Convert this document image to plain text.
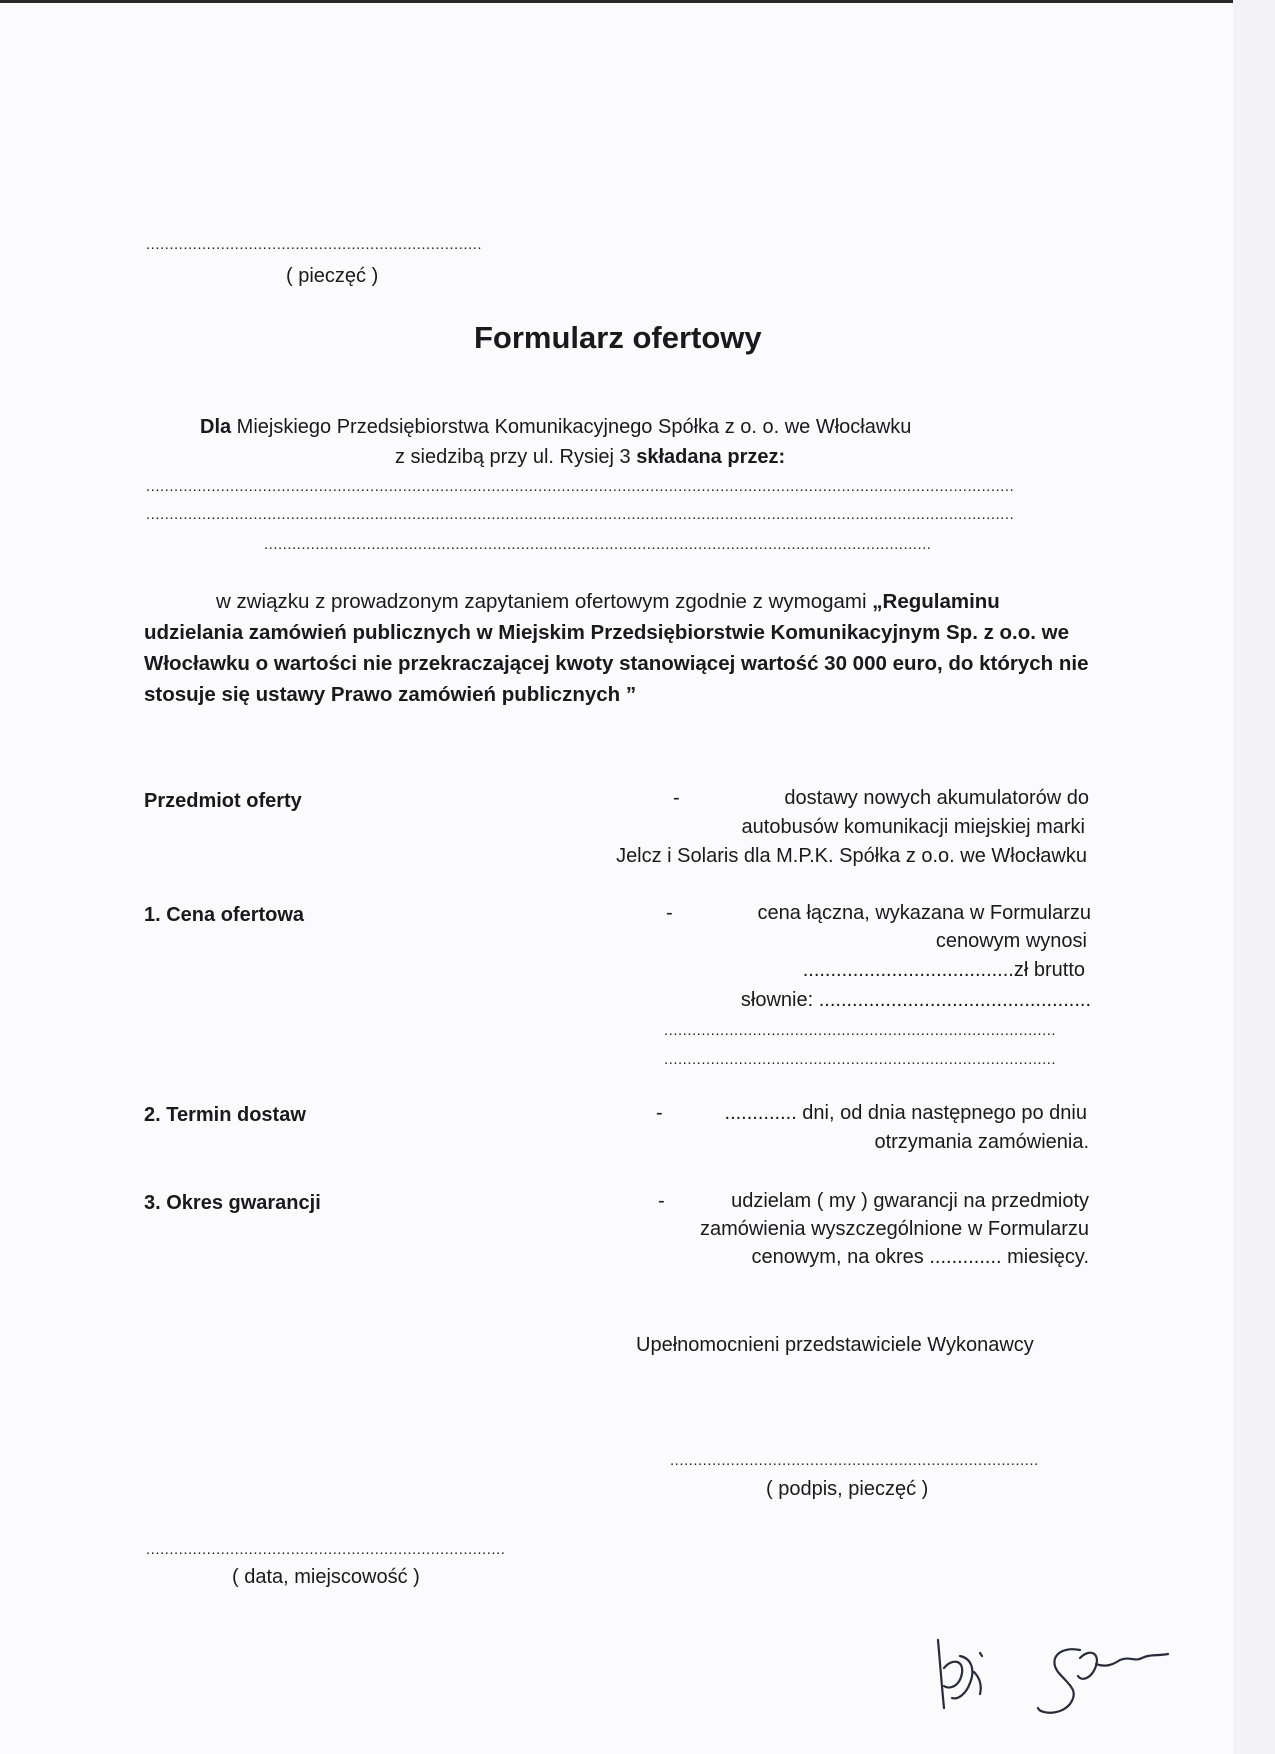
........................................................................
( pieczęć )
Formularz ofertowy
Dla Miejskiego Przedsiębiorstwa Komunikacyjnego Spółka z o. o. we Włocławku
z siedzibą przy ul. Rysiej 3 składana przez:
..........................................................................................................................................................................................
..........................................................................................................................................................................................
...............................................................................................................................................
w związku z prowadzonym zapytaniem ofertowym zgodnie z wymogami „Regulaminu
udzielania zamówień publicznych w Miejskim Przedsiębiorstwie Komunikacyjnym Sp. z o.o. we Włocławku o wartości nie przekraczającej kwoty stanowiącej wartość 30 000 euro, do których nie stosuje się ustawy Prawo zamówień publicznych ”
Przedmiot oferty	-	dostawy nowych akumulatorów do
autobusów komunikacji miejskiej marki
Jelcz i Solaris dla M.P.K. Spółka z o.o. we Włocławku
1. Cena ofertowa	-	cena łączna, wykazana w Formularzu
cenowym wynosi
......................................zł brutto
słownie: .................................................
....................................................................................
....................................................................................
2. Termin dostaw	-	............. dni, od dnia następnego po dniu
otrzymania zamówienia.
3. Okres gwarancji	-	udzielam ( my ) gwarancji na przedmioty
zamówienia wyszczególnione w Formularzu
cenowym, na okres ............. miesięcy.
Upełnomocnieni przedstawiciele Wykonawcy
...............................................................................
( podpis, pieczęć )
.............................................................................
( data, miejscowość )
